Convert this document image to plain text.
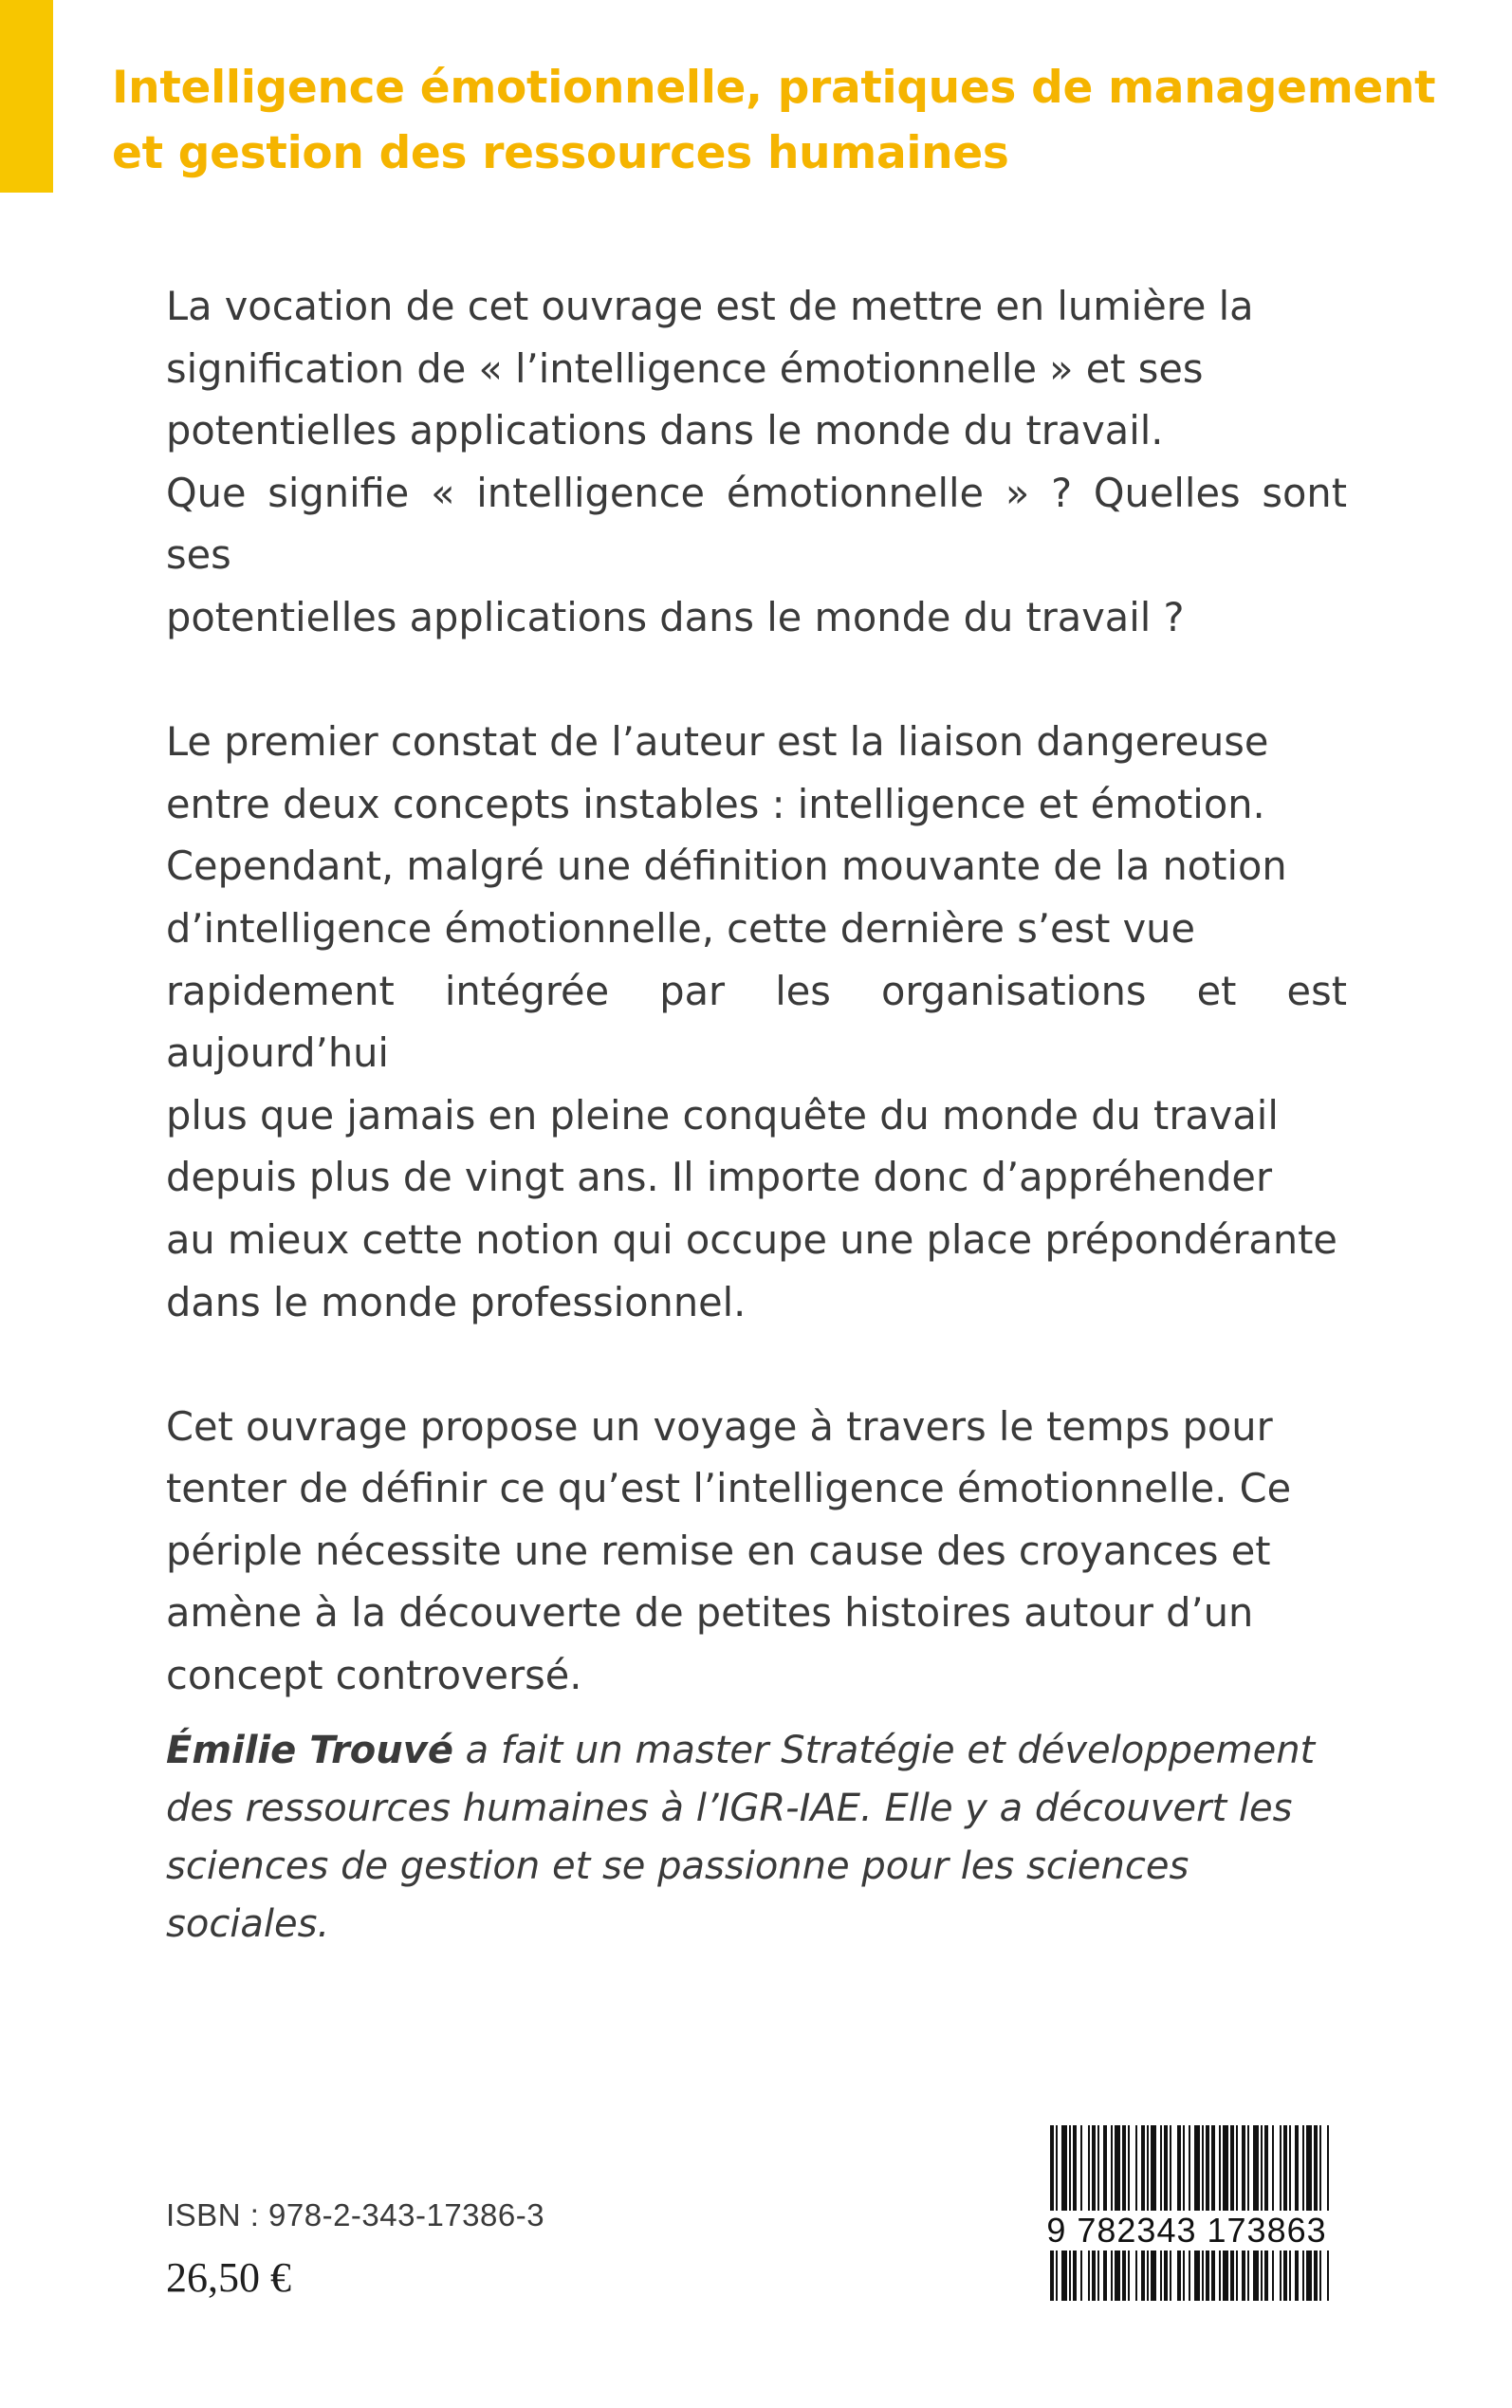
Intelligence émotionnelle, pratiques de management
et gestion des ressources humaines

La vocation de cet ouvrage est de mettre en lumière la
signification de « l’intelligence émotionnelle » et ses
potentielles applications dans le monde du travail.
Que signifie « intelligence émotionnelle » ? Quelles sont ses
potentielles applications dans le monde du travail ?

Le premier constat de l’auteur est la liaison dangereuse
entre deux concepts instables : intelligence et émotion.
Cependant, malgré une définition mouvante de la notion
d’intelligence émotionnelle, cette dernière s’est vue
rapidement intégrée par les organisations et est aujourd’hui
plus que jamais en pleine conquête du monde du travail
depuis plus de vingt ans. Il importe donc d’appréhender
au mieux cette notion qui occupe une place prépondérante
dans le monde professionnel.

Cet ouvrage propose un voyage à travers le temps pour
tenter de définir ce qu’est l’intelligence émotionnelle. Ce
périple nécessite une remise en cause des croyances et
amène à la découverte de petites histoires autour d’un
concept controversé.

Émilie Trouvé a fait un master Stratégie et développement des ressources humaines à l’IGR-IAE. Elle y a découvert les sciences de gestion et se passionne pour les sciences sociales.

ISBN : 978-2-343-17386-3

26,50 €

9 782343 173863
